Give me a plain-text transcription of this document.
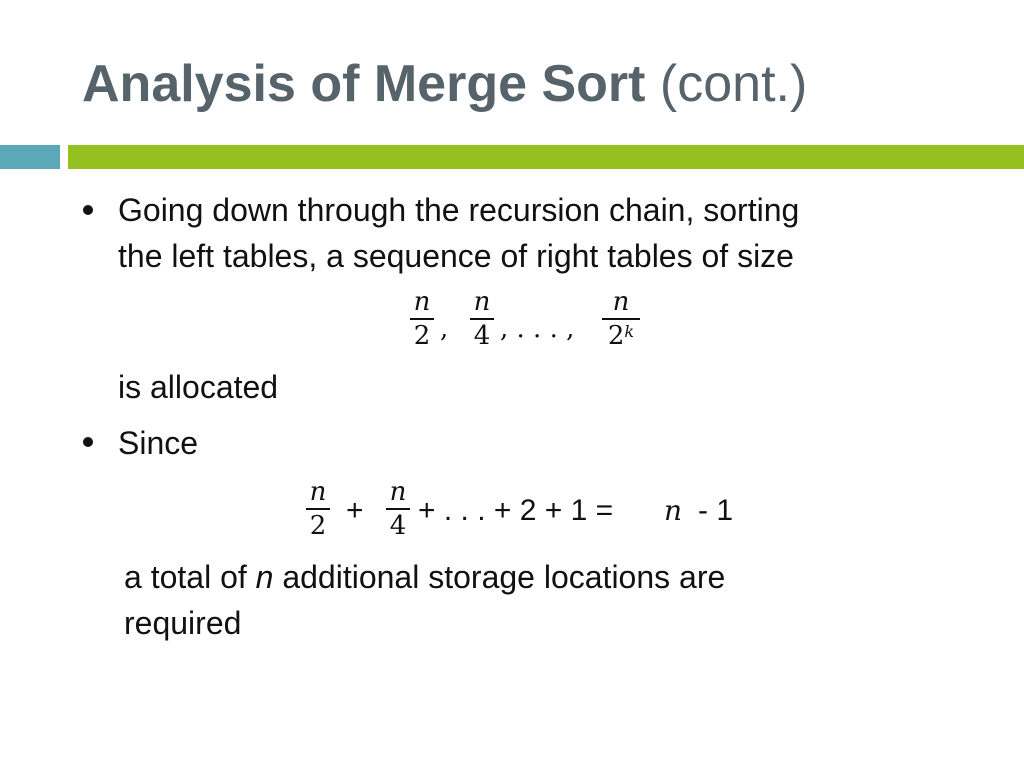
Analysis of Merge Sort (cont.)
Going down through the recursion chain, sorting
the left tables, a sequence of right tables of size
n
2 ,
n
4 , . . . ,
n
2$^k$
is allocated
Since
n
2 +
n
4 + . . . + 2 + 1 = n - 1
a total of n additional storage locations are
required
